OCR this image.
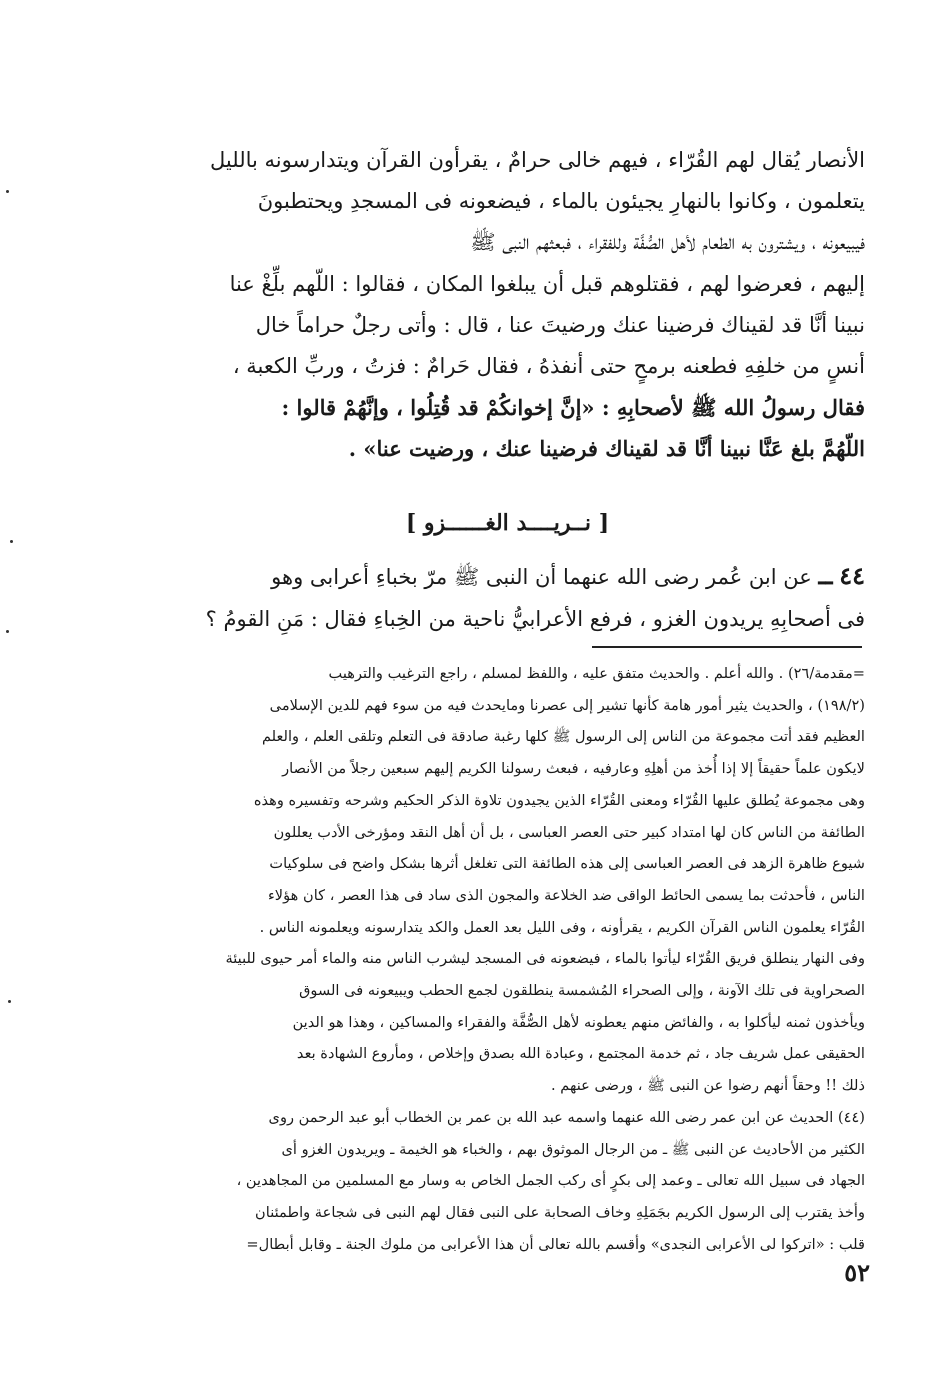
الأنصار يُقال لهم القُرّاء ، فيهم خالى حرامٌ ، يقرأون القرآن ويتدارسونه بالليل

يتعلمون ، وكانوا بالنهارِ يجيئون بالماء ، فيضعونه فى المسجدِ ويحتطبونَ

فيبيعونه ، ويشترون به الطعام لأهل الصُّفَّة وللفقراء ، فبعثهم النبى ﷺ

إليهم ، فعرضوا لهم ، فقتلوهم قبل أن يبلغوا المكان ، فقالوا : اللّهم بلِّغْ عنا

نبينا أنَّا قد لقيناك فرضينا عنك ورضيتَ عنا ، قال : وأتى رجلٌ حراماً خال

أنسٍ من خلفِهِ فطعنه برمحٍ حتى أنفذهُ ، فقال حَرامٌ : فزتُ ، وربِّ الكعبة ،

فقال رسولُ الله ﷺ لأصحابِهِ : «إنَّ إخوانكُمْ قد قُتِلُوا ، وإنَّهُمْ قالوا :

اللّهُمَّ بلغ عَنَّا نبينا أنَّا قد لقيناك فرضينا عنك ، ورضيت عنا» .

[ نــريــــد الغــــــزو ]

٤٤ ــ عن ابن عُمر رضى الله عنهما أن النبى ﷺ مرّ بخباءِ أعرابى وهو

فى أصحابِهِ يريدون الغزو ، فرفع الأعرابيُّ ناحية من الخِباءِ فقال : مَنِ القومُ ؟

=مقدمة/٢٦) . والله أعلم . والحديث متفق عليه ، واللفظ لمسلم ، راجع الترغيب والترهيب

(١٩٨/٢) ، والحديث يثير أمور هامة كأنها تشير إلى عصرنا ومايحدث فيه من سوء فهم للدين الإسلامى

العظيم فقد أتت مجموعة من الناس إلى الرسول ﷺ كلها رغبة صادقة فى التعلم وتلقى العلم ، والعلم

لايكون علماً حقيقاً إلا إذا أُخذ من أهلِهِ وعارفيه ، فبعث رسولنا الكريم إليهم سبعين رجلاً من الأنصار

وهى مجموعة يُطلق عليها القُرّاء ومعنى القُرّاء الذين يجيدون تلاوة الذكر الحكيم وشرحه وتفسيره وهذه

الطائفة من الناس كان لها امتداد كبير حتى العصر العباسى ، بل أن أهل النقد ومؤرخى الأدب يعللون

شيوع ظاهرة الزهد فى العصر العباسى إلى هذه الطائفة التى تغلغل أثرها بشكل واضح فى سلوكيات

الناس ، فأحدثت بما يسمى الحائط الواقى ضد الخلاعة والمجون الذى ساد فى هذا العصر ، كان هؤلاء

القُرّاء يعلمون الناس القرآن الكريم ، يقرأونه ، وفى الليل بعد العمل والكد يتدارسونه ويعلمونه الناس .

وفى النهار ينطلق فريق القُرّاء ليأتوا بالماء ، فيضعونه فى المسجد ليشرب الناس منه والماء أمر حيوى للبيئة

الصحراوية فى تلك الآونة ، وإلى الصحراء المُشمسة ينطلقون لجمع الحطب ويبيعونه فى السوق

ويأخذون ثمنه ليأكلوا به ، والفائض منهم يعطونه لأهل الصُّفَّة والفقراء والمساكين ، وهذا هو الدين

الحقيقى عمل شريف جاد ، ثم خدمة المجتمع ، وعبادة الله بصدق وإخلاص ، ومأروع الشهادة بعد

ذلك !! وحقاً أنهم رضوا عن النبى ﷺ ، ورضى عنهم .

(٤٤) الحديث عن ابن عمر رضى الله عنهما واسمه عبد الله بن عمر بن الخطاب أبو عبد الرحمن روى

الكثير من الأحاديث عن النبى ﷺ ـ من الرجال الموثوق بهم ، والخباء هو الخيمة ـ ويريدون الغزو أى

الجهاد فى سبيل الله تعالى ـ وعمد إلى بكرٍ أى ركب الجمل الخاص به وسار مع المسلمين من المجاهدين ،

وأخذ يقترب إلى الرسول الكريم بجَمَلِهِ وخاف الصحابة على النبى فقال لهم النبى فى شجاعة واطمئنان

قلب : «اتركوا لى الأعرابى النجدى» وأقسم بالله تعالى أن هذا الأعرابى من ملوك الجنة ـ وقابل أبطال=

٥٢
